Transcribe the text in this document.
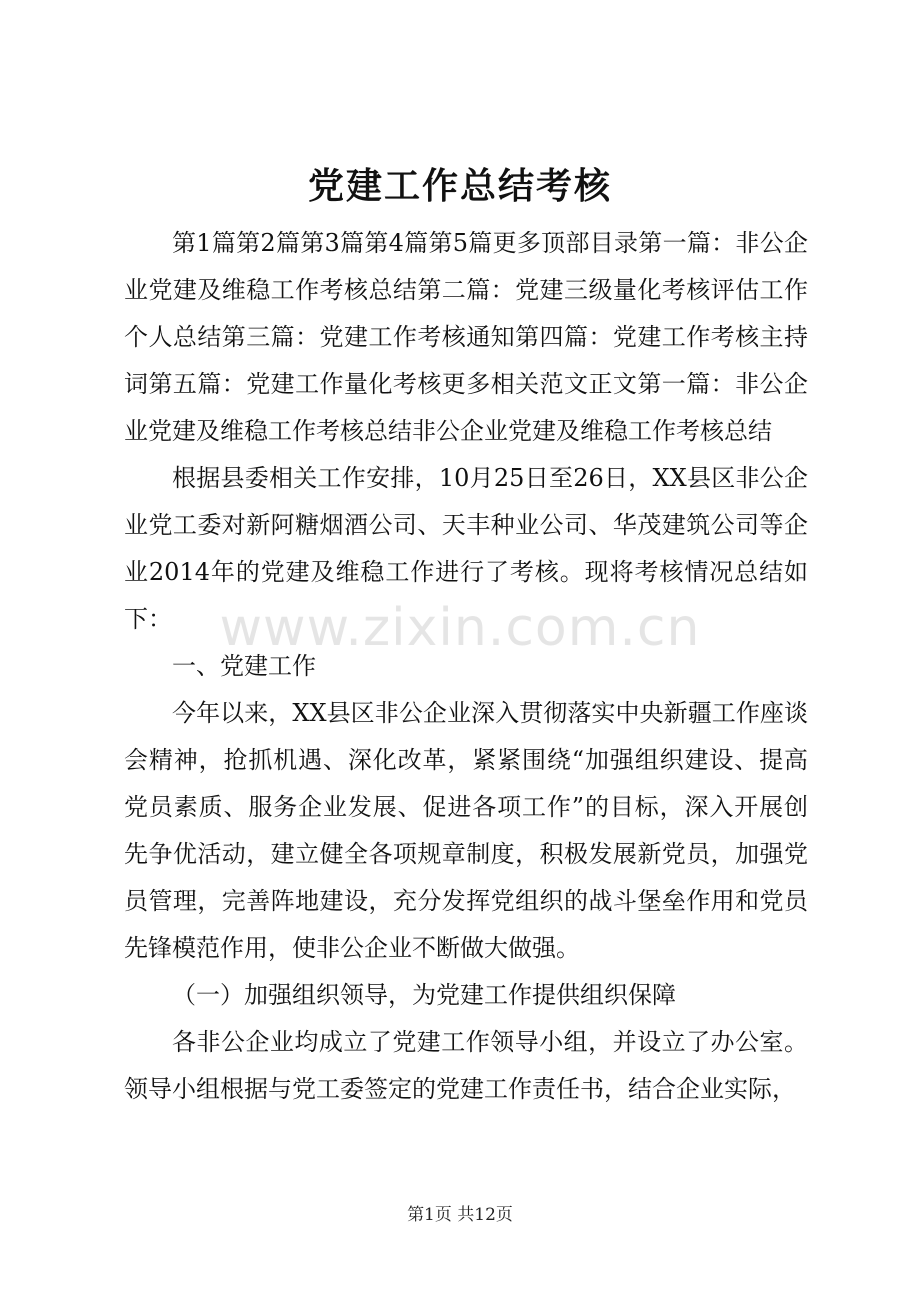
党建工作总结考核

第1篇第2篇第3篇第4篇第5篇更多顶部目录第一篇：非公企业党建及维稳工作考核总结第二篇：党建三级量化考核评估工作个人总结第三篇：党建工作考核通知第四篇：党建工作考核主持词第五篇：党建工作量化考核更多相关范文正文第一篇：非公企业党建及维稳工作考核总结非公企业党建及维稳工作考核总结

根据县委相关工作安排，10月25日至26日，XX县区非公企业党工委对新阿糖烟酒公司、天丰种业公司、华茂建筑公司等企业2014年的党建及维稳工作进行了考核。现将考核情况总结如下：

一、党建工作

今年以来，XX县区非公企业深入贯彻落实中央新疆工作座谈会精神，抢抓机遇、深化改革，紧紧围绕“加强组织建设、提高党员素质、服务企业发展、促进各项工作”的目标，深入开展创先争优活动，建立健全各项规章制度，积极发展新党员，加强党员管理，完善阵地建设，充分发挥党组织的战斗堡垒作用和党员先锋模范作用，使非公企业不断做大做强。

（一）加强组织领导，为党建工作提供组织保障

各非公企业均成立了党建工作领导小组，并设立了办公室。领导小组根据与党工委签定的党建工作责任书，结合企业实际，

www.zixin.com.cn
第1页 共12页
